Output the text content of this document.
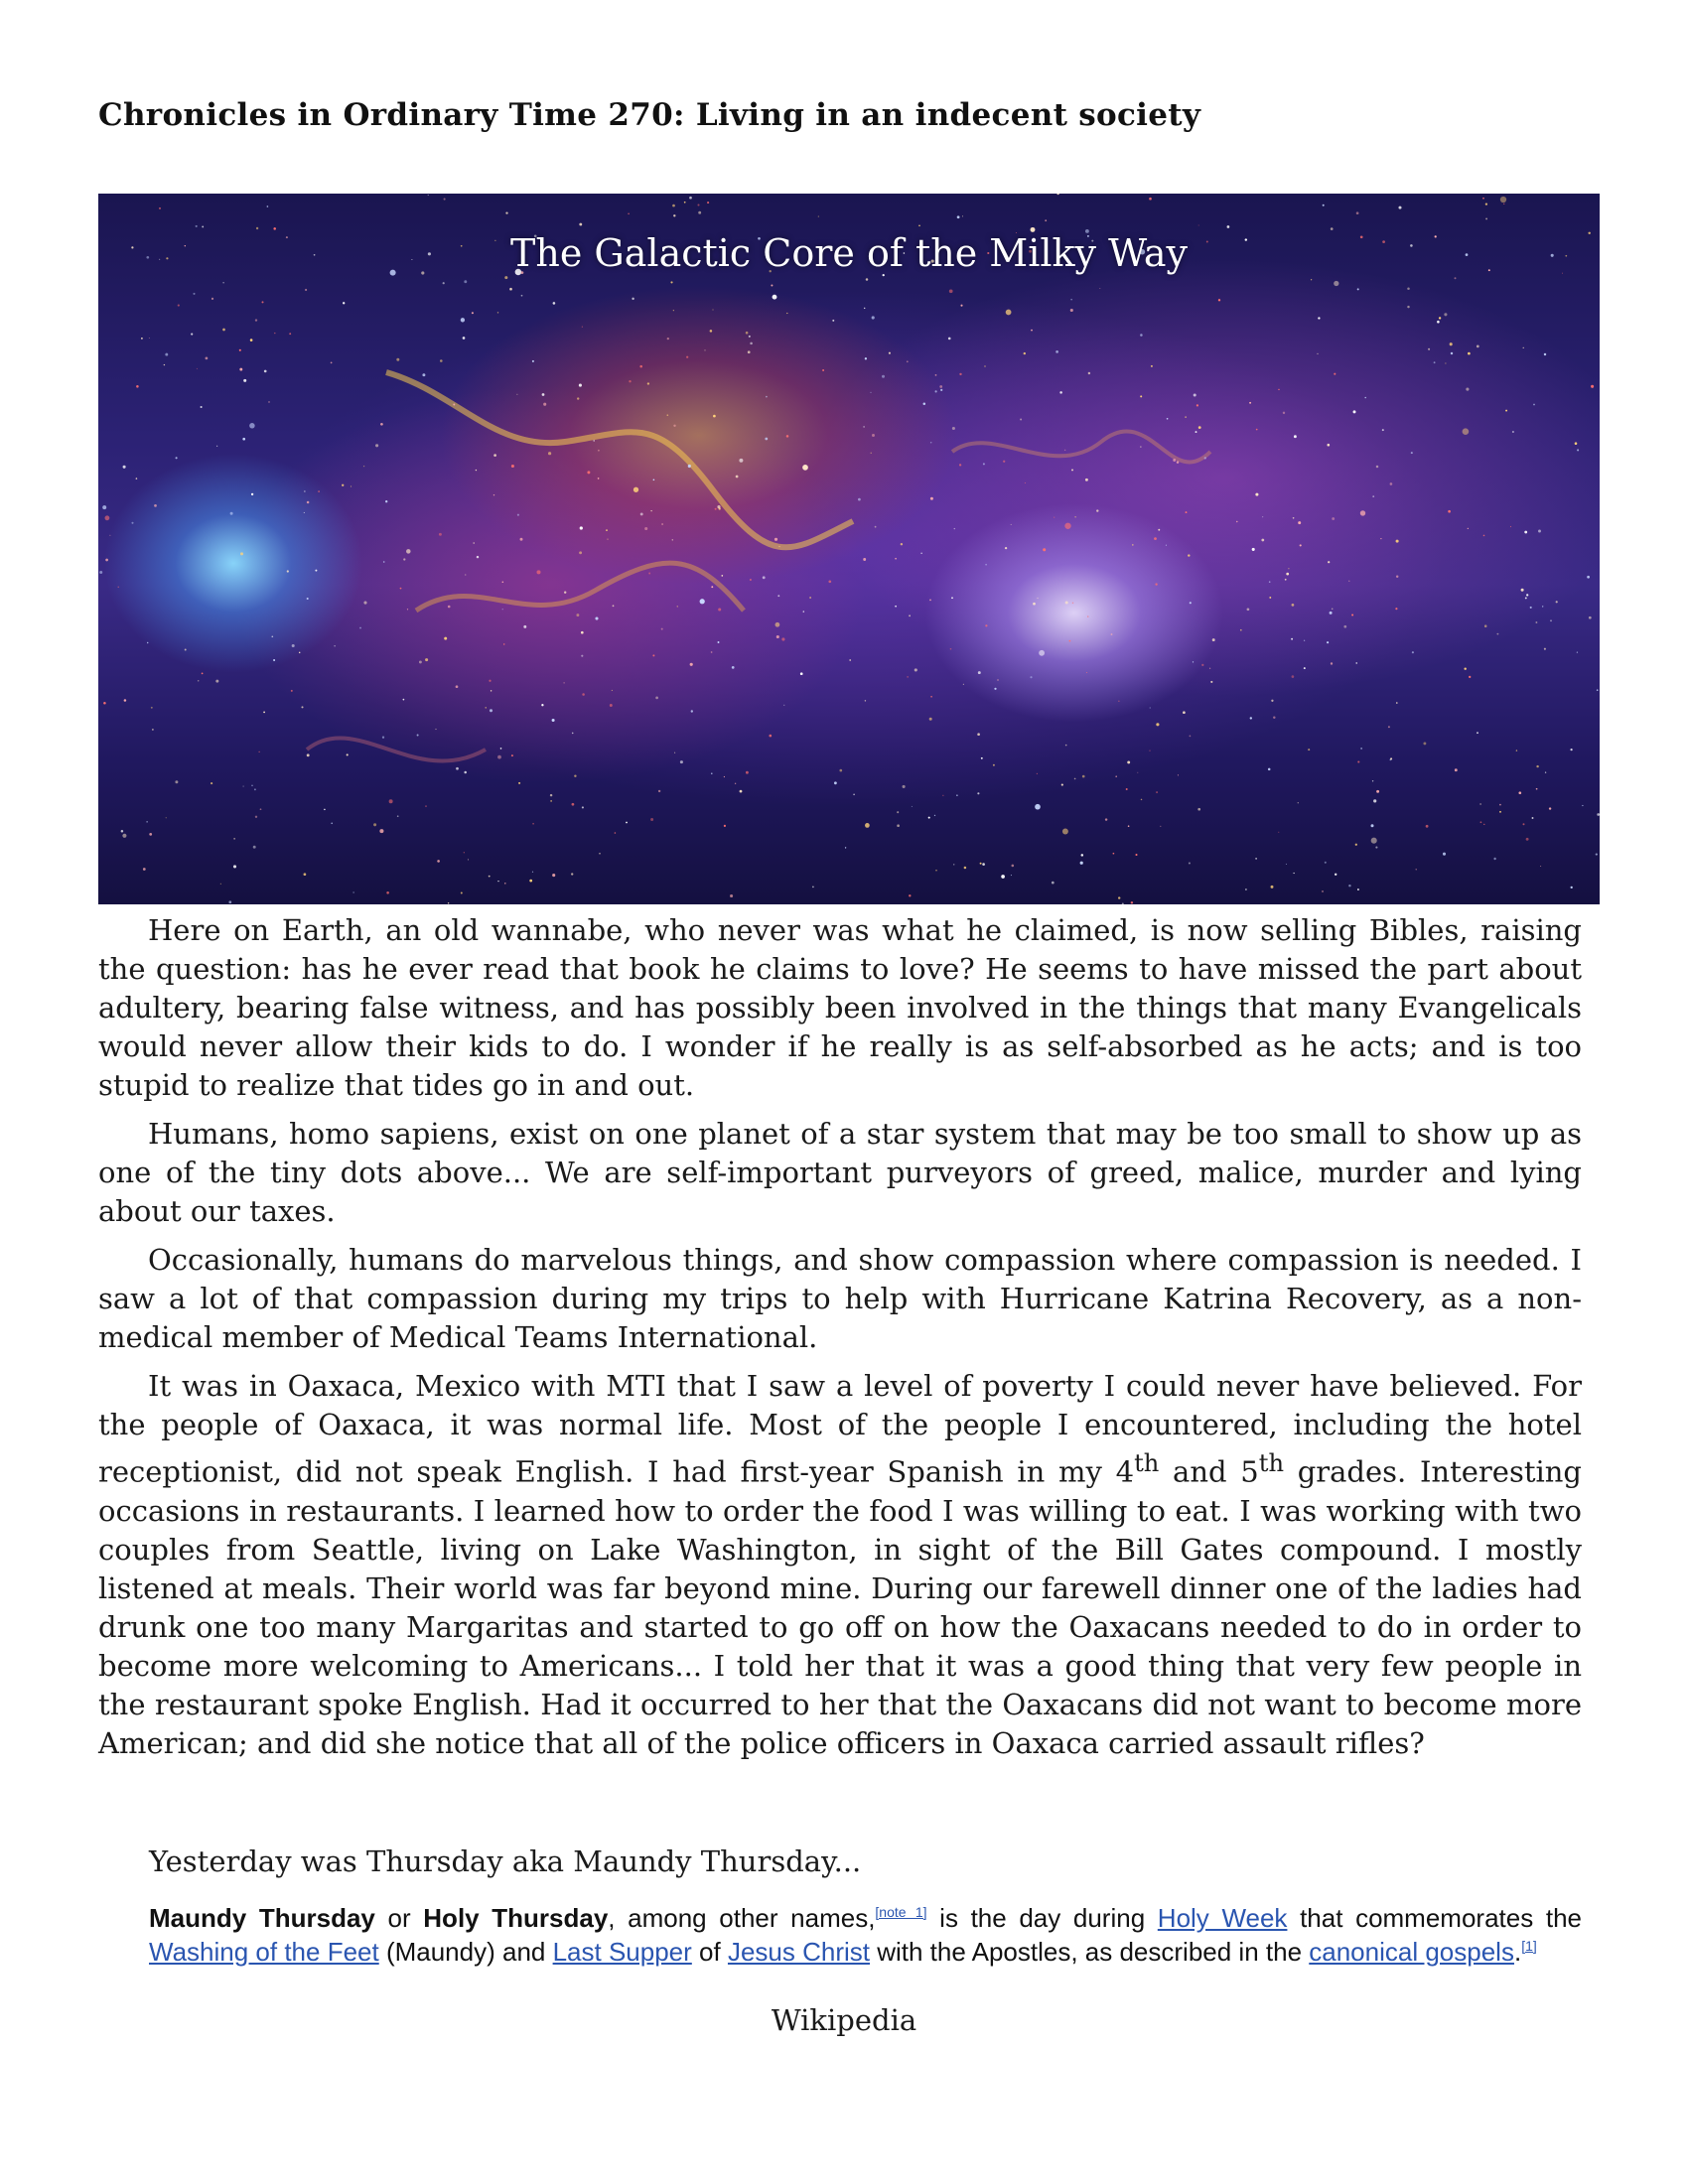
Chronicles in Ordinary Time 270: Living in an indecent society
The Galactic Core of the Milky Way

Here on Earth, an old wannabe, who never was what he claimed, is now selling Bibles, raising the question: has he ever read that book he claims to love? He seems to have missed the part about adultery, bearing false witness, and has possibly been involved in the things that many Evangelicals would never allow their kids to do. I wonder if he really is as self-absorbed as he acts; and is too stupid to realize that tides go in and out.

Humans, homo sapiens, exist on one planet of a star system that may be too small to show up as one of the tiny dots above... We are self-important purveyors of greed, malice, murder and lying about our taxes.

Occasionally, humans do marvelous things, and show compassion where compassion is needed. I saw a lot of that compassion during my trips to help with Hurricane Katrina Recovery, as a non-medical member of Medical Teams International.

It was in Oaxaca, Mexico with MTI that I saw a level of poverty I could never have believed. For the people of Oaxaca, it was normal life. Most of the people I encountered, including the hotel receptionist, did not speak English. I had first-year Spanish in my 4th and 5th grades. Interesting occasions in restaurants. I learned how to order the food I was willing to eat. I was working with two couples from Seattle, living on Lake Washington, in sight of the Bill Gates compound. I mostly listened at meals. Their world was far beyond mine. During our farewell dinner one of the ladies had drunk one too many Margaritas and started to go off on how the Oaxacans needed to do in order to become more welcoming to Americans... I told her that it was a good thing that very few people in the restaurant spoke English. Had it occurred to her that the Oaxacans did not want to become more American; and did she notice that all of the police officers in Oaxaca carried assault rifles?

Yesterday was Thursday aka Maundy Thursday...
Maundy Thursday or Holy Thursday, among other names,[note 1] is the day during Holy Week that commemorates the Washing of the Feet (Maundy) and Last Supper of Jesus Christ with the Apostles, as described in the canonical gospels.[1]
Wikipedia
